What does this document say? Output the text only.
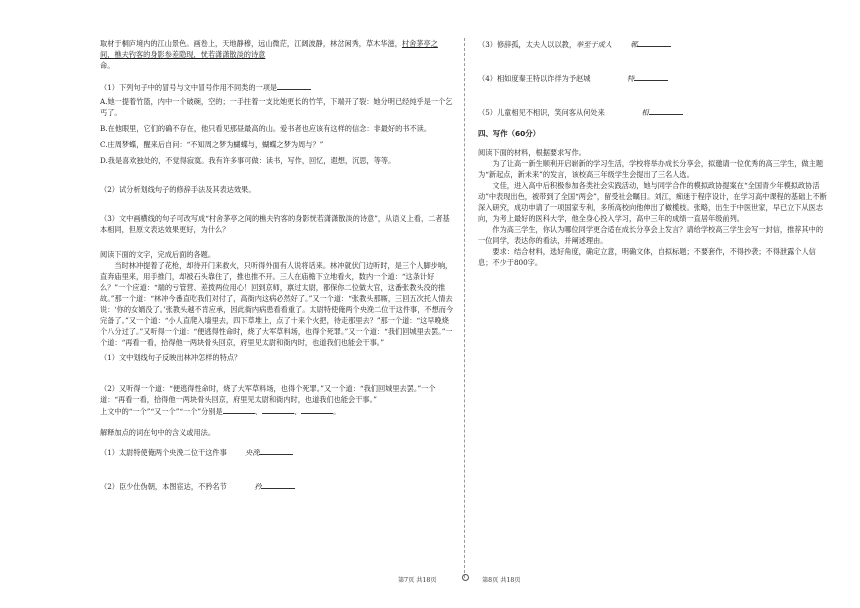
取材于桐庐境内的江山景色。画卷上，天地静穆，远山微茫，江阔波静，林岔闲秀，草木华滋，村舍茅亭之

间，樵夫钓客的身影参差隐现，​恍若潇潇散淡的诗意

命。

（1）下列句子中的冒号与文中冒号作用不同类的一项是

A.她一提着竹篮，内中一个破碗，空的；一手拄着一支比她更长的竹竿，下端开了裂：她分明已经纯乎是一个乞丐了。

B.在他眼里，它们的确不存在，他只看见那昼最高的山。爱书者也应该有这样的信念：非最好的书不读。

C.庄周梦蝶，醒来后自问：“不知周之梦为蝴蝶与，蝴蝶之梦为周与？”

D.我是喜欢独处的，不觉得寂寞。我有许多事可做：读书，写作，回忆，遐想，沉思，等等。

（2）试分析划线句子的修辞手法及其表达效果。

（3）文中画横线的句子可改写成“村舍茅亭之间的樵夫钓客的身影恍若潇潇散淡的诗意”，从语义上看，二者基本相同，但原文表达效果更好，为什么？

阅读下面的文字，完成后面的各题。

当时林冲提着了花枪，却待开门来救火，只听得外面有人说将话来。林冲就伏门边听时，是三个人脚步响，直奔庙里来，用手推门，却被石头靠住了，推也推不开。三人在庙檐下立地看火，数内一个道：“这条计好么？”一个应道：“端的亏管营、差拨两位用心！回到京师，禀过太尉，都保你二位做大官，这番张教头没的推故。”那一个道：“林冲今番直吃我们对付了，高衙内这病必然好了。”又一个道：“张教头那厮，三回五次托人情去说：‘你的女婿没了。’张教头越不肯应承，因此衙内病患看看重了。太尉特使俺两个央浼二位干这件事，不想而今完备了。”又一个道：“小人直爬入墙里去，四下草堆上，点了十来个火把，待走那里去？”那一个道：“这早晚烧个八分过了。”又听得一个道：“便逃得性命时，烧了大军草料场，也得个死罪。”又一个道：“我们回城里去罢。”一个道：“再看一看，拾得他一两块骨头回京，府里见太尉和衙内时，也道我们也能会干事。”

（1）文中划线句子反映出林冲怎样的特点？

（2）又听得一个道：“便逃得性命时，烧了大军草料场，也得个死罪。”又一个道：“我们回城里去罢。”一个

道：“再看一看，拾得他一两块骨头回京，府里见太尉和衙内时，也道我们也能会干事。”

上文中的“一个”“又一个”“一个”分别是	、	、	。

解释加点的词在句中的含义或用法。

（1）太尉特使俺两个央浼二位干这件事	央浼

（2）臣少仕伪朝，本图宦达，不矜名节	矜

（3）修辞孤，太夫人以以教，举至于成人	鄣

（4）相如度秦王特以诈徉为予赵城	特

（5）儿童相见不相识，笑问客从何处来	相

四、写作（60分）

阅读下面的材料，根据要求写作。

为了让高一新生顺利开启崭新的学习生活，学校将举办成长分享会，拟邀请一位优秀的高三学生，做主题为“新起点，新未来”的发言，该校高三年级学生会提出了三名人选。

文佳，进入高中后积极参加各类社会实践活动，她与同学合作的模拟政协提案在“全国青少年模拟政协活动”中表现出色，被带到了全国“两会”，留受社会瞩目。刘江，痴迷于程序设计，在学习高中课程的基础上不断深入研究，成功申请了一项国家专利，多所高校向他伸出了橄榄枝。张略，出生于中医世家，早已立下从医志向，为考上最好的医科大学，他全身心投入学习，高中三年的成绩一直居年级前列。

作为高三学生，你认为哪位同学更合适在成长分享会上发言？请给学校高三学生会写一封信，推荐其中的一位同学，表达你的看法，并阐述理由。

要求：结合材料，选好角度，确定立意，明确文体，自拟标题；不要套作，不得抄袭；不得泄露个人信息；不少于800字。

第7页 共18页	第8页 共18页
